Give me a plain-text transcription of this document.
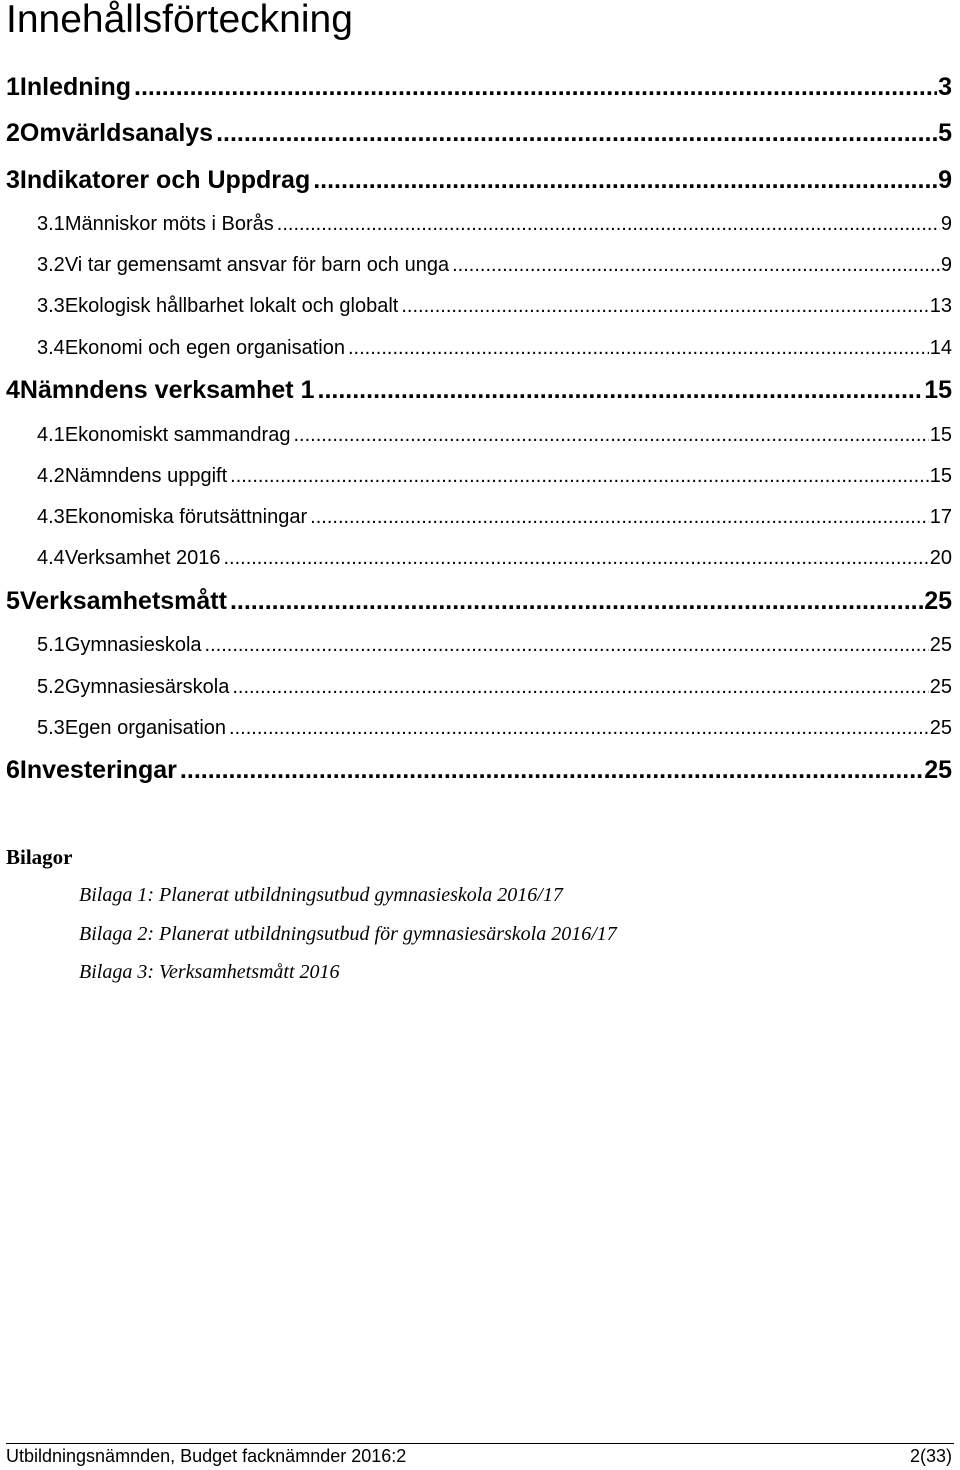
Innehållsförteckning
1 Inledning .....	3
2 Omvärldsanalys .....	5
3 Indikatorer och Uppdrag .....	9
3.1 Människor möts i Borås .....	9
3.2 Vi tar gemensamt ansvar för barn och unga .....	9
3.3 Ekologisk hållbarhet lokalt och globalt .....	13
3.4 Ekonomi och egen organisation .....	14
4 Nämndens verksamhet 1 .....	15
4.1 Ekonomiskt sammandrag .....	15
4.2 Nämndens uppgift .....	15
4.3 Ekonomiska förutsättningar .....	17
4.4 Verksamhet 2016 .....	20
5 Verksamhetsmått .....	25
5.1 Gymnasieskola .....	25
5.2 Gymnasiesärskola .....	25
5.3 Egen organisation .....	25
6 Investeringar .....	25
Bilagor
Bilaga 1: Planerat utbildningsutbud gymnasieskola 2016/17
Bilaga 2: Planerat utbildningsutbud för gymnasiesärskola 2016/17
Bilaga 3: Verksamhetsmått 2016
Utbildningsnämnden, Budget facknämnder 2016:2	2(33)
